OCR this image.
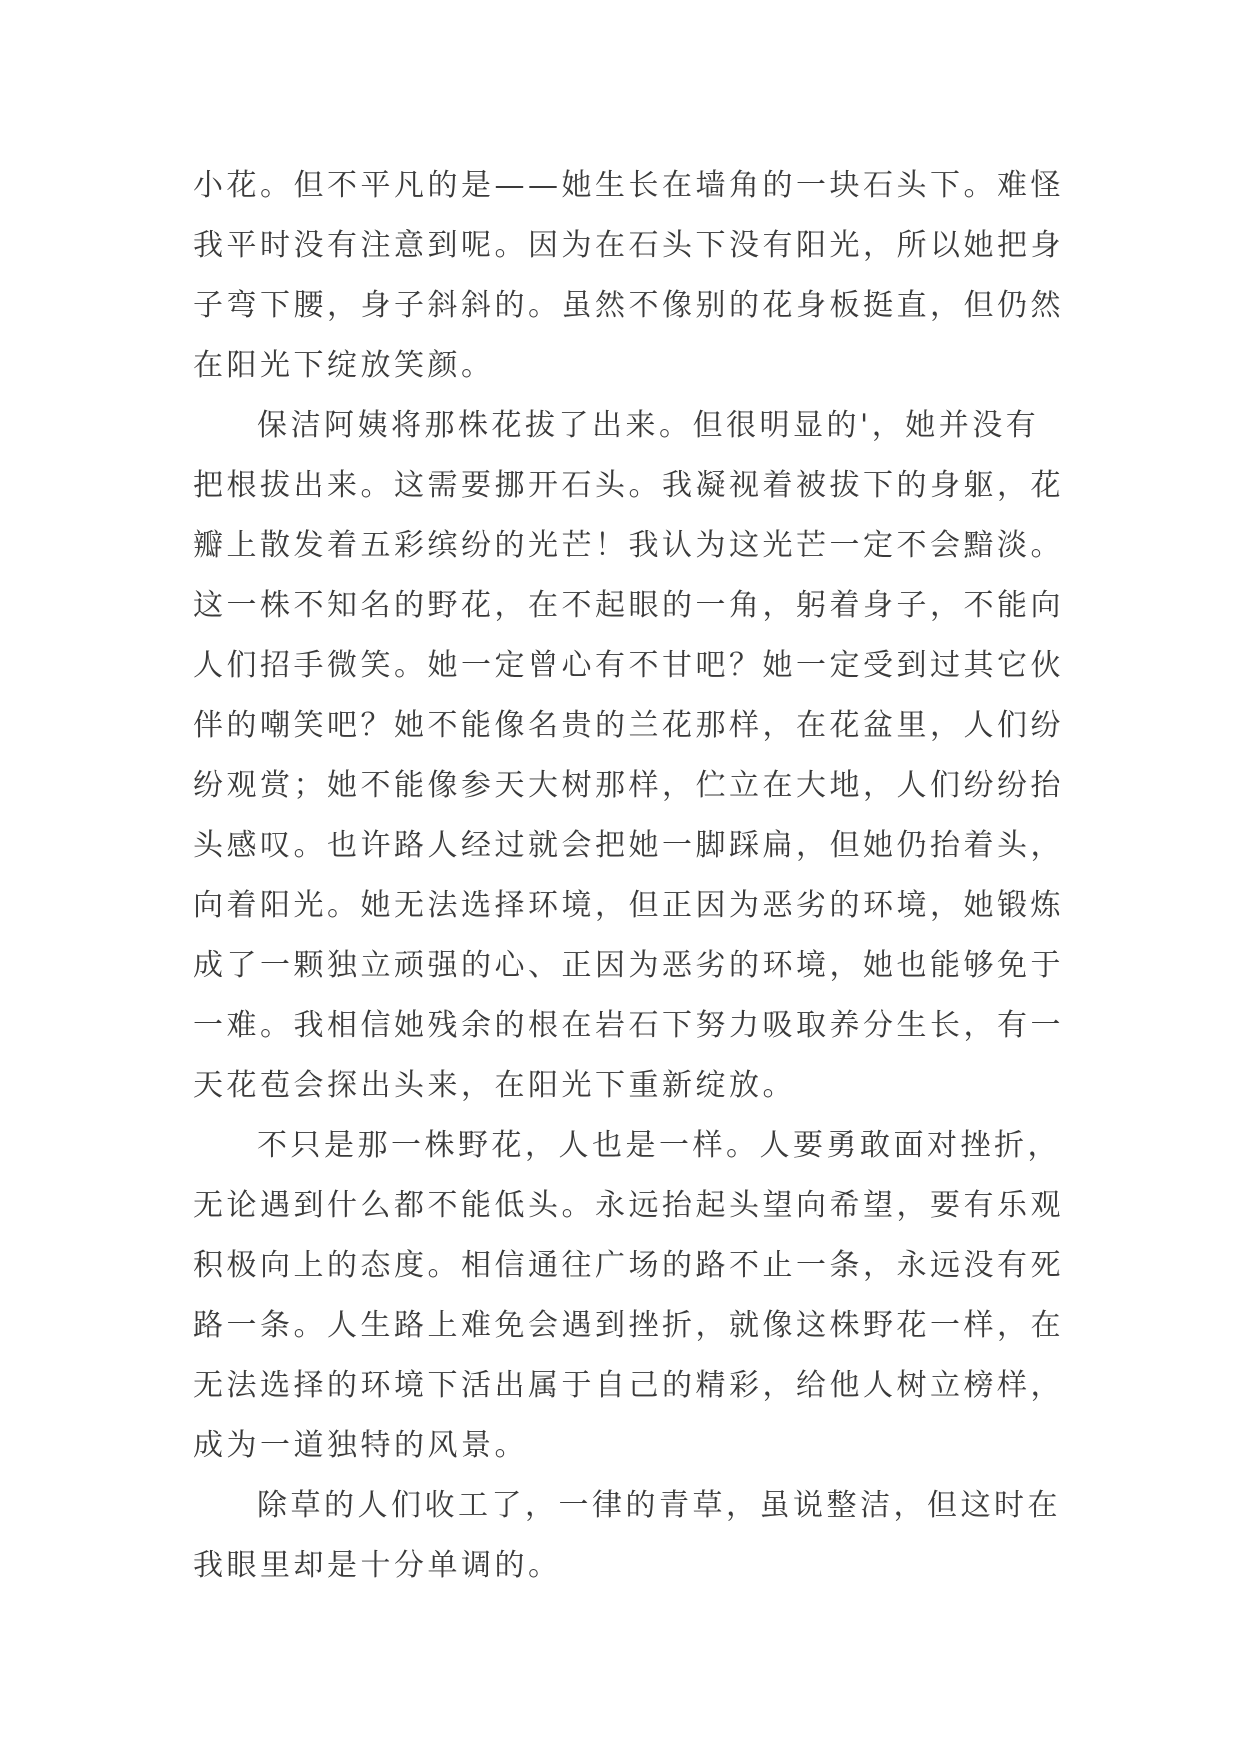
小花。但不平凡的是——她生长在墙角的一块石头下。难怪
我平时没有注意到呢。因为在石头下没有阳光，所以她把身
子弯下腰，身子斜斜的。虽然不像别的花身板挺直，但仍然
在阳光下绽放笑颜。
保洁阿姨将那株花拔了出来。但很明显的'，她并没有
把根拔出来。这需要挪开石头。我凝视着被拔下的身躯，花
瓣上散发着五彩缤纷的光芒！我认为这光芒一定不会黯淡。
这一株不知名的野花，在不起眼的一角，躬着身子，不能向
人们招手微笑。她一定曾心有不甘吧？她一定受到过其它伙
伴的嘲笑吧？她不能像名贵的兰花那样，在花盆里，人们纷
纷观赏；她不能像参天大树那样，伫立在大地，人们纷纷抬
头感叹。也许路人经过就会把她一脚踩扁，但她仍抬着头，
向着阳光。她无法选择环境，但正因为恶劣的环境，她锻炼
成了一颗独立顽强的心、正因为恶劣的环境，她也能够免于
一难。我相信她残余的根在岩石下努力吸取养分生长，有一
天花苞会探出头来，在阳光下重新绽放。
不只是那一株野花，人也是一样。人要勇敢面对挫折，
无论遇到什么都不能低头。永远抬起头望向希望，要有乐观
积极向上的态度。相信通往广场的路不止一条，永远没有死
路一条。人生路上难免会遇到挫折，就像这株野花一样，在
无法选择的环境下活出属于自己的精彩，给他人树立榜样，
成为一道独特的风景。
除草的人们收工了，一律的青草，虽说整洁，但这时在
我眼里却是十分单调的。
